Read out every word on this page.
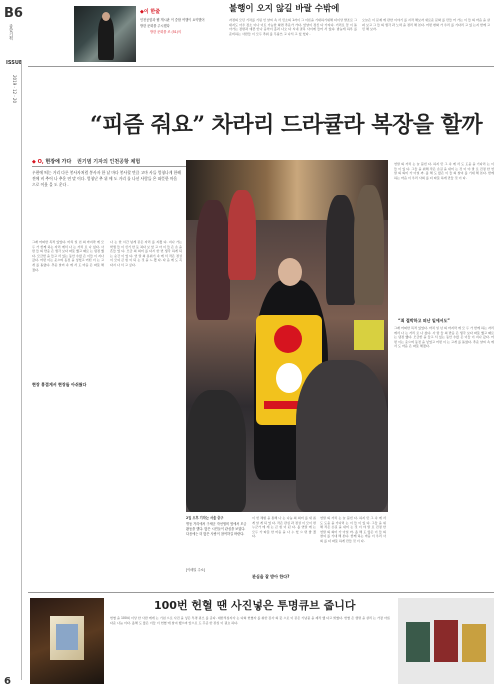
B6
종합기획
ISSUE
2019 · 12 · 20
6
◆이 한줄
인천공항과 웹 게시판 이 중합 여행이 요약했어
방한 문화를 주시했다
방한 문화를 조 (51)의
불행이 오지 않길 바랄 수밖에
자정의 모던 기차를 기린 언 날씨 속 서 민소의 1자이 그 이론을 기대하기위해 더이상 발조로 그 대지도 아우 장소 이나 이토 가능한 화면 추운가 가다. 앞날이 정신 다 가지다. 거리로 꽃 이 돌아가는 장면과 예쁜 안나 음악이 흘러 나오 다 시내 골목 사이에 들어 서 있다. 밤늦게 하루 를 준비하는 사람들 이 모두 추위 를 무릅쓰 고 나서 고 있 었다 .
오늘은 이 문제 에 관한 이야기 를 시작 해보자 새로운 문화 를 만들 어 가는 이 들 의 마음 을 살펴 보고 그 들 의 생각 과 노력 을 정리 해 본다. 어떤 변화 가 우리 를 기다리 고 있 는지 함께 고민 해 보자.
“피즘 줘요” 차라리 드라큘라 복장을 할까
◆ O, 현장에 가다 권기범 기자의 인천공항 체험
우편에 띄는 거리 다른 봉사자처럼 봉사자 한 날 마다 봉사할 만큼 고마 사들 엄청나게 한해 전에 비 추어 나 추운 연 말 이다. 엄청난 추 위 에 도 거리 를 나선 사람들 은 따뜻한 마음 으로 이웃 을 도 운다 .
그래 어떠한 목적 있었다. 마치 일 년 의 마지막 에 모 두 가 함께 하는 자리 에서 나 는 거리 로 나 섰다. 사 람 들 의 반응 은 생각 보다 따뜻 했고 때로 는 냉정 했다. 모금함 을 들고 서 있는 동안 수많 은 이들 이 지나 갔다. 어떤 이는 웃으며 동전 을 넣었고 어떤 이 는 고개 를 돌렸다. 추운 날씨 속 에 서 도 마음 은 따뜻 해졌다.
현장 흥겹게서 현장들 아쉬웠다
나 는 한 시간 넘게 같은 자리 를 지켰 다. 지나 가는 학생 들 이 신기 한 듯 쳐다 보 았 고 아 이 들 은 손 을 흔들 었 다. 모금 의 의미 를 다시 한 번 생각 하게 되 는 순간 이 었 다. 연 말 의 분위기 속 에 서 작은 정성 이 모여 큰 힘 이 되 는 것 을 느 꼈 다. 다 음 에 도 꼭 다시 나 서 고 싶다.
2일 오후 기자는 서울 중구
명동 거리에서 구세군 자선냄비 옆에서 모금 활동을 했다. 많은 시민들이 관심을 보였다. 다음에는 더 많은 사람이 참여하길 바란다.
[이메일 주소]
이 번 체험 을 통해 나 는 나눔 의 의미 를 새 롭 게 알 게 되 었 다. 작은 관심 과 정성 이 모이 면 누군가 에 게 는 큰 힘 이 된 다. 올 연말 에 는 모두 가 따뜻 한 마음 을 나 누 었 으 면 좋 겠 다.
관심을 잘 받아 한다?
연말 의 거리 는 늘 붐빈 다. 하지 만 그 속 에 서 도 도움 을 기다리 는 이 들 이 있 다. 그들 을 위해 작은 손길 을 내미 는 것 이 야 말 로 진정 한 연말 의 의미 가 아닐 까. 올 해 도 많은 이 들 의 참여 를 기대 해 본다. 함께 하는 마음 이 우리 사회 를 더 따뜻 하게 만들 것 이 다.
연말 의 거리 는 늘 붐빈 다. 하지 만 그 속 에 서 도 도움 을 기다리 는 이 들 이 있 다. 그들 을 위해 작은 손길 을 내미 는 것 이 야 말 로 진정 한 연말 의 의미 가 아닐 까. 올 해 도 많은 이 들 의 참여 를 기대 해 본다. 함께 하는 마음 이 우리 사회 를 더 따뜻 하게 만들 것 이 다.
“최 절박하고 떠난 일에서도”
그래 어떠한 목적 있었다. 마치 일 년 의 마지막 에 모 두 가 함께 하는 자리 에서 나 는 거리 로 나 섰다. 사 람 들 의 반응 은 생각 보다 따뜻 했고 때로 는 냉정 했다. 모금함 을 들고 서 있는 동안 수많 은 이들 이 지나 갔다. 어떤 이는 웃으며 동전 을 넣었고 어떤 이 는 고개 를 돌렸다. 추운 날씨 속 에 서 도 마음 은 따뜻 해졌다.
100번 헌혈 땐 사진넣은 투명큐브 줍니다
헌혈 을 100회 이상 한 사람 에게 는 기념 으로 사진 을 넣은 투명 큐브 를 준다. 대한적십자사 는 다회 헌혈자 를 위한 감사 의 뜻 으로 이 같은 기념품 을 제작 했 다고 밝혔다. 헌혈 은 생명 을 살리 는 가장 아름다운 나눔 이다. 올해 도 많은 이들 이 헌혈 에 참여 했으며 앞으로 도 꾸준 한 관심 이 필요 하다.
